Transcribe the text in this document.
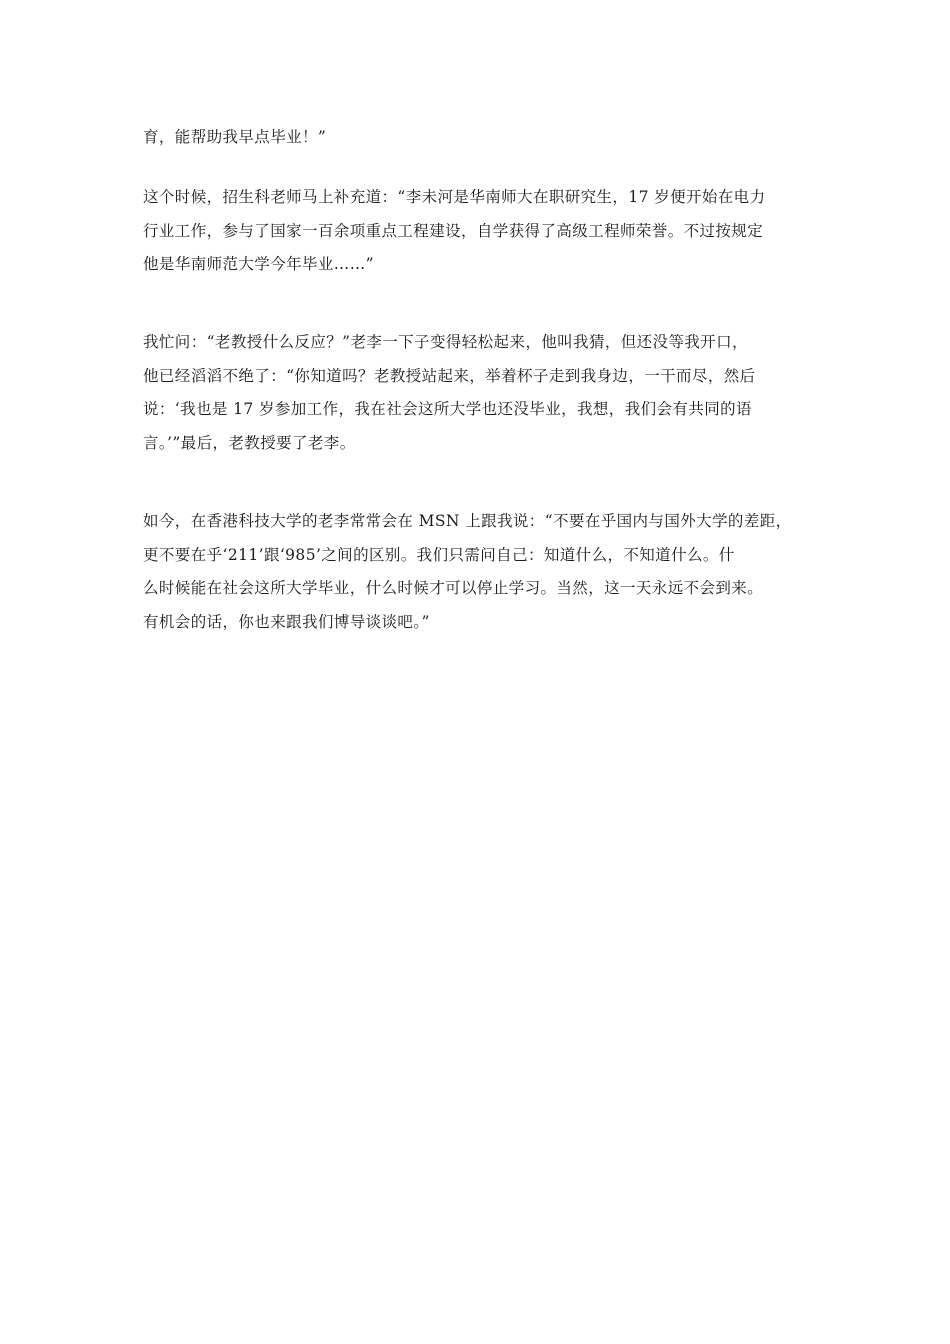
育，能帮助我早点毕业！”
这个时候，招生科老师马上补充道：“李未河是华南师大在职研究生，17 岁便开始在电力
行业工作，参与了国家一百余项重点工程建设，自学获得了高级工程师荣誉。不过按规定
他是华南师范大学今年毕业……”
我忙问：“老教授什么反应？”老李一下子变得轻松起来，他叫我猜，但还没等我开口，
他已经滔滔不绝了：“你知道吗？老教授站起来，举着杯子走到我身边，一干而尽，然后
说：‘我也是 17 岁参加工作，我在社会这所大学也还没毕业，我想，我们会有共同的语
言。’”最后，老教授要了老李。
如今，在香港科技大学的老李常常会在 MSN 上跟我说：“不要在乎国内与国外大学的差距，
更不要在乎‘211’跟‘985’之间的区别。我们只需问自己：知道什么，不知道什么。什
么时候能在社会这所大学毕业，什么时候才可以停止学习。当然，这一天永远不会到来。
有机会的话，你也来跟我们博导谈谈吧。”
